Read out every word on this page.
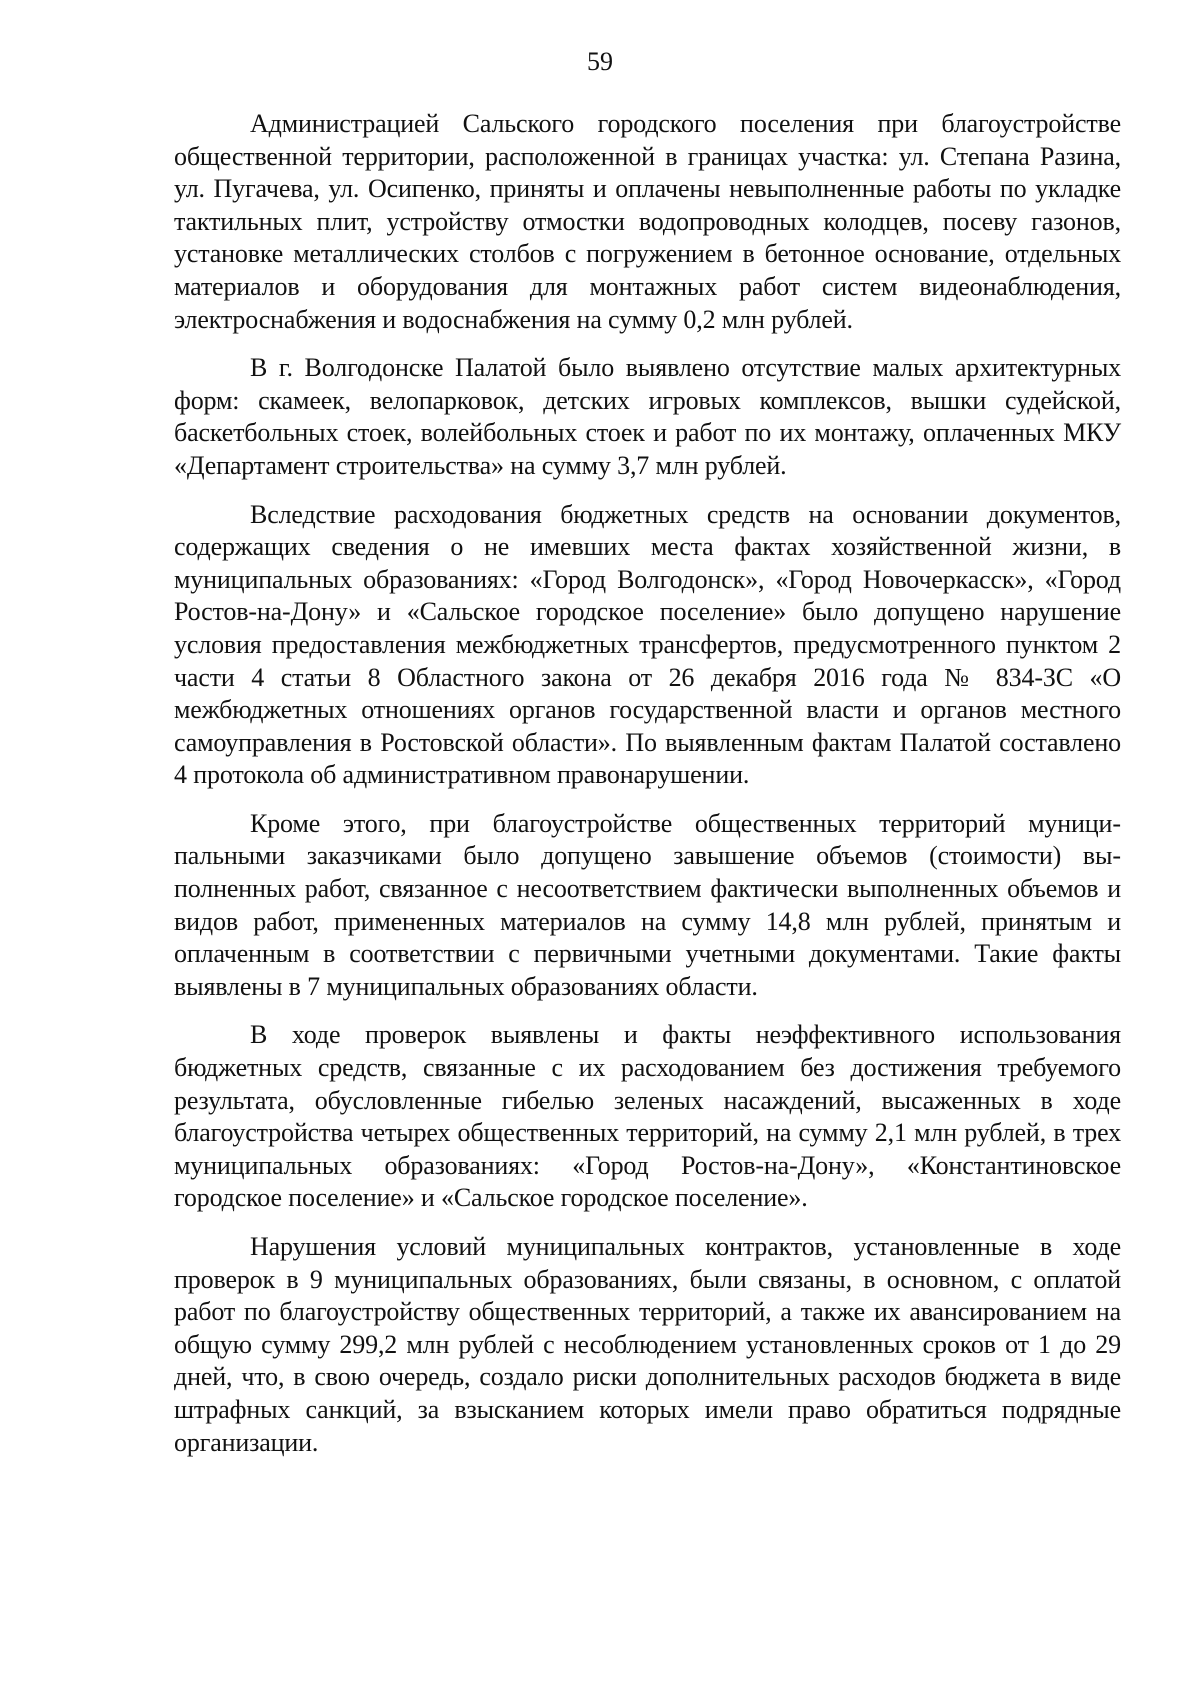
59

Администрацией Сальского городского поселения при благоустройстве общественной территории, расположенной в границах участка: ул. Степана Разина, ул. Пугачева, ул. Осипенко, приняты и оплачены невыполненные работы по укладке тактильных плит, устройству отмостки водопроводных колодцев, посеву газонов, установке металлических столбов с погружением в бетонное основание, отдельных материалов и оборудования для монтажных работ систем видеонаблюдения, электроснабжения и водоснабжения на сумму 0,2 млн рублей.

В г. Волгодонске Палатой было выявлено отсутствие малых архитектурных форм: скамеек, велопарковок, детских игровых комплексов, вышки судейской, баскетбольных стоек, волейбольных стоек и работ по их монтажу, оплаченных МКУ «Департамент строительства» на сумму 3,7 млн рублей.

Вследствие расходования бюджетных средств на основании документов, содержащих сведения о не имевших места фактах хозяйственной жизни, в муниципальных образованиях: «Город Волгодонск», «Город Новочеркасск», «Город Ростов-на-Дону» и «Сальское городское поселение» было допущено нарушение условия предоставления межбюджетных трансфертов, предусмотренного пунктом 2 части 4 статьи 8 Областного закона от 26 декабря 2016 года № 834-ЗС «О межбюджетных отношениях органов государственной власти и органов местного самоуправления в Ростовской области». По выявленным фактам Палатой составлено 4 протокола об административном правонарушении.

Кроме этого, при благоустройстве общественных территорий муниципальными заказчиками было допущено завышение объемов (стоимости) выполненных работ, связанное с несоответствием фактически выполненных объемов и видов работ, примененных материалов на сумму 14,8 млн рублей, принятым и оплаченным в соответствии с первичными учетными документами. Такие факты выявлены в 7 муниципальных образованиях области.

В ходе проверок выявлены и факты неэффективного использования бюджетных средств, связанные с их расходованием без достижения требуемого результата, обусловленные гибелью зеленых насаждений, высаженных в ходе благоустройства четырех общественных территорий, на сумму 2,1 млн рублей, в трех муниципальных образованиях: «Город Ростов-на-Дону», «Константиновское городское поселение» и «Сальское городское поселение».

Нарушения условий муниципальных контрактов, установленные в ходе проверок в 9 муниципальных образованиях, были связаны, в основном, с оплатой работ по благоустройству общественных территорий, а также их авансированием на общую сумму 299,2 млн рублей с несоблюдением установленных сроков от 1 до 29 дней, что, в свою очередь, создало риски дополнительных расходов бюджета в виде штрафных санкций, за взысканием которых имели право обратиться подрядные организации.
